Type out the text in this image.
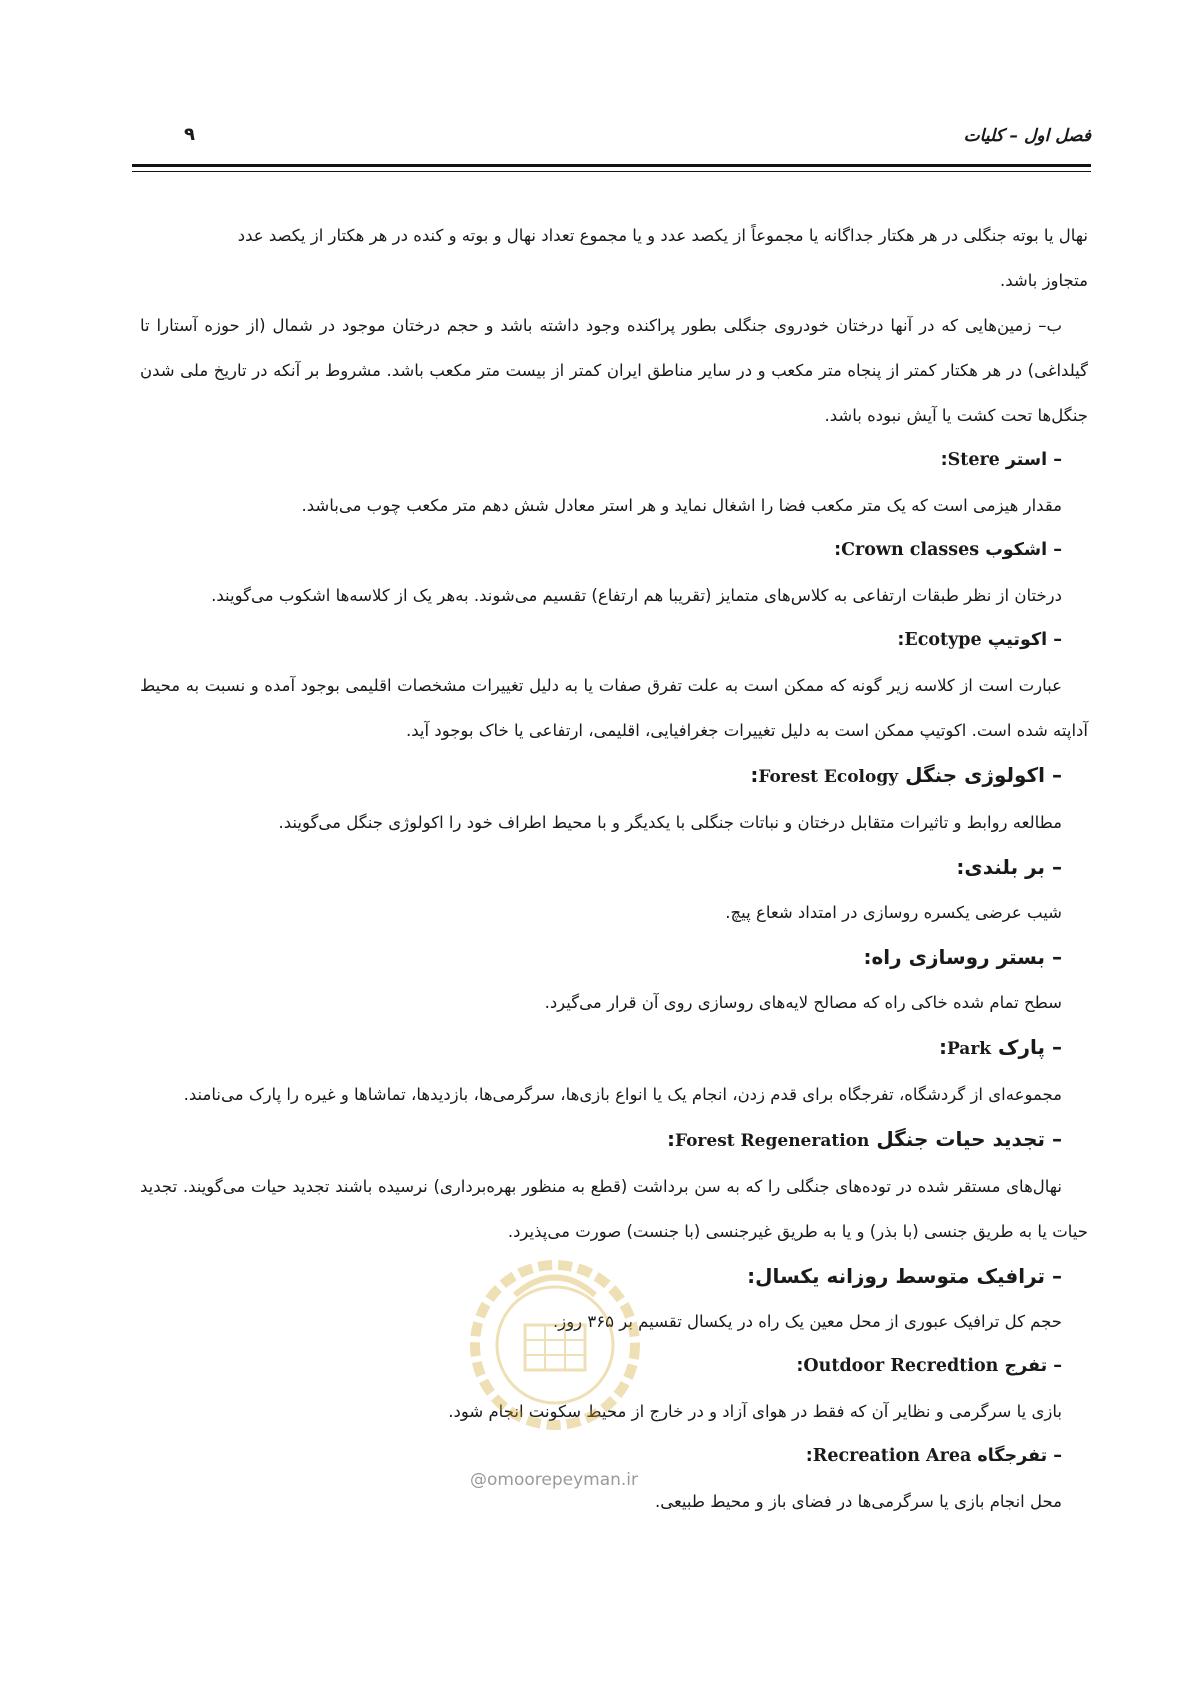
فصل اول – کلیات
۹

نهال یا بوته جنگلی در هر هکتار جداگانه یا مجموعاً از یکصد عدد و یا مجموع تعداد نهال و بوته و کنده در هر هکتار از یکصد عدد
متجاوز باشد.

ب– زمین‌هایی که در آنها درختان خودروی جنگلی بطور پراکنده وجود داشته باشد و حجم درختان موجود در شمال (از حوزه آستارا تا گیلداغی) در هر هکتار کمتر از پنجاه متر مکعب و در سایر مناطق ایران کمتر از بیست متر مکعب باشد. مشروط بر آنکه در تاریخ ملی شدن جنگل‌ها تحت کشت یا آیش نبوده باشد.

– استر Stere:

مقدار هیزمی است که یک متر مکعب فضا را اشغال نماید و هر استر معادل شش دهم متر مکعب چوب می‌باشد.

– اشکوب Crown classes:

درختان از نظر طبقات ارتفاعی به کلاس‌های متمایز (تقریبا هم ارتفاع) تقسیم می‌شوند. به‌هر یک از کلاسه‌ها اشکوب می‌گویند.

– اکوتیپ Ecotype:

عبارت است از کلاسه زیر گونه که ممکن است به علت تفرق صفات یا به دلیل تغییرات مشخصات اقلیمی بوجود آمده و نسبت به محیط آداپته شده است. اکوتیپ ممکن است به دلیل تغییرات جغرافیایی، اقلیمی، ارتفاعی یا خاک بوجود آید.

– اکولوژی جنگل Forest Ecology:

مطالعه روابط و تاثیرات متقابل درختان و نباتات جنگلی با یکدیگر و با محیط اطراف خود را اکولوژی جنگل می‌گویند.

– بر بلندی:

شیب عرضی یکسره روسازی در امتداد شعاع پیچ.

– بستر روسازی راه:

سطح تمام شده خاکی راه که مصالح لایه‌های روسازی روی آن قرار می‌گیرد.

– پارک Park:

مجموعه‌ای از گردشگاه، تفرجگاه برای قدم زدن، انجام یک یا انواع بازی‌ها، سرگرمی‌ها، بازدیدها، تماشاها و غیره را پارک می‌نامند.

– تجدید حیات جنگل Forest Regeneration:

نهال‌های مستقر شده در توده‌های جنگلی را که به سن برداشت (قطع به منظور بهره‌برداری) نرسیده باشند تجدید حیات می‌گویند. تجدید حیات یا به طریق جنسی (با بذر) و یا به طریق غیرجنسی (با جنست) صورت می‌پذیرد.

– ترافیک متوسط روزانه یکسال:

حجم کل ترافیک عبوری از محل معین یک راه در یکسال تقسیم بر ۳۶۵ روز.

– تفرج Outdoor Recredtion:

بازی یا سرگرمی و نظایر آن که فقط در هوای آزاد و در خارج از محیط سکونت انجام شود.

– تفرجگاه Recreation Area:

محل انجام بازی یا سرگرمی‌ها در فضای باز و محیط طبیعی.

@omoorepeyman.ir
